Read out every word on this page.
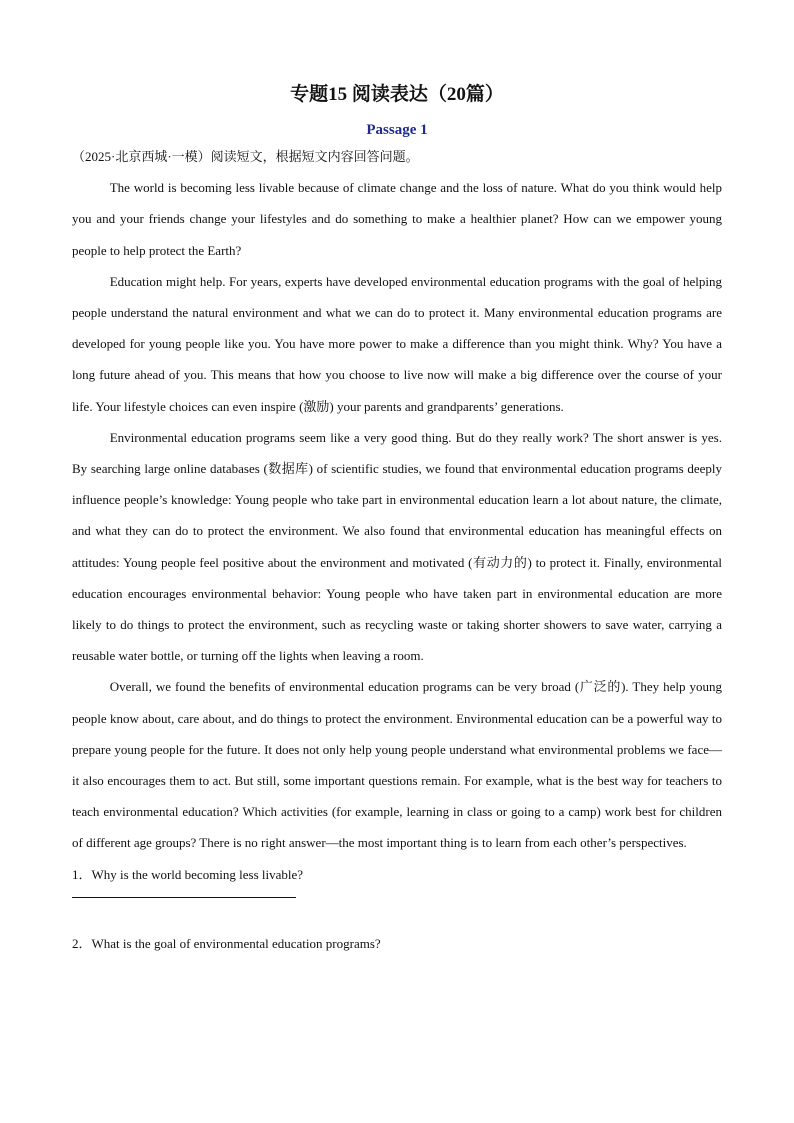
专题15 阅读表达（20篇）
Passage 1
（2025·北京西城·一模）阅读短文，根据短文内容回答问题。

The world is becoming less livable because of climate change and the loss of nature. What do you think would help you and your friends change your lifestyles and do something to make a healthier planet? How can we empower young people to help protect the Earth?

Education might help. For years, experts have developed environmental education programs with the goal of helping people understand the natural environment and what we can do to protect it. Many environmental education programs are developed for young people like you. You have more power to make a difference than you might think. Why? You have a long future ahead of you. This means that how you choose to live now will make a big difference over the course of your life. Your lifestyle choices can even inspire (激励) your parents and grandparents’ generations.

Environmental education programs seem like a very good thing. But do they really work? The short answer is yes. By searching large online databases (数据库) of scientific studies, we found that environmental education programs deeply influence people’s knowledge: Young people who take part in environmental education learn a lot about nature, the climate, and what they can do to protect the environment. We also found that environmental education has meaningful effects on attitudes: Young people feel positive about the environment and motivated (有动力的) to protect it. Finally, environmental education encourages environmental behavior: Young people who have taken part in environmental education are more likely to do things to protect the environment, such as recycling waste or taking shorter showers to save water, carrying a reusable water bottle, or turning off the lights when leaving a room.

Overall, we found the benefits of environmental education programs can be very broad (广泛的). They help young people know about, care about, and do things to protect the environment. Environmental education can be a powerful way to prepare young people for the future. It does not only help young people understand what environmental problems we face—it also encourages them to act. But still, some important questions remain. For example, what is the best way for teachers to teach environmental education? Which activities (for example, learning in class or going to a camp) work best for children of different age groups? There is no right answer—the most important thing is to learn from each other’s perspectives.

1．Why is the world becoming less livable?

2．What is the goal of environmental education programs?
